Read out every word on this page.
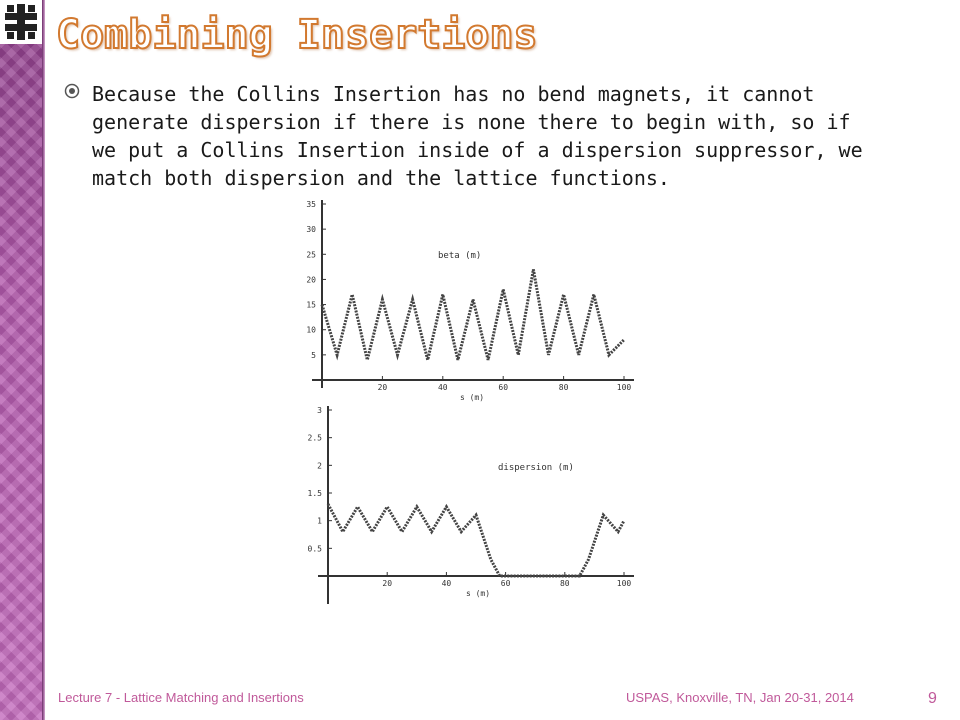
Combining Insertions
Because the Collins Insertion has no bend magnets, it cannot generate dispersion if there is none there to begin with, so if we put a Collins Insertion inside of a dispersion suppressor, we match both dispersion and the lattice functions.
20	40	60	80	100
5
10
15
20
25
30
35
s (m)
beta (m)
20	40	60	80	100
0.5
1
1.5
2
2.5
3
s (m)
dispersion (m)
Lecture 7 - Lattice Matching and Insertions	USPAS, Knoxville, TN, Jan 20-31, 2014	9
